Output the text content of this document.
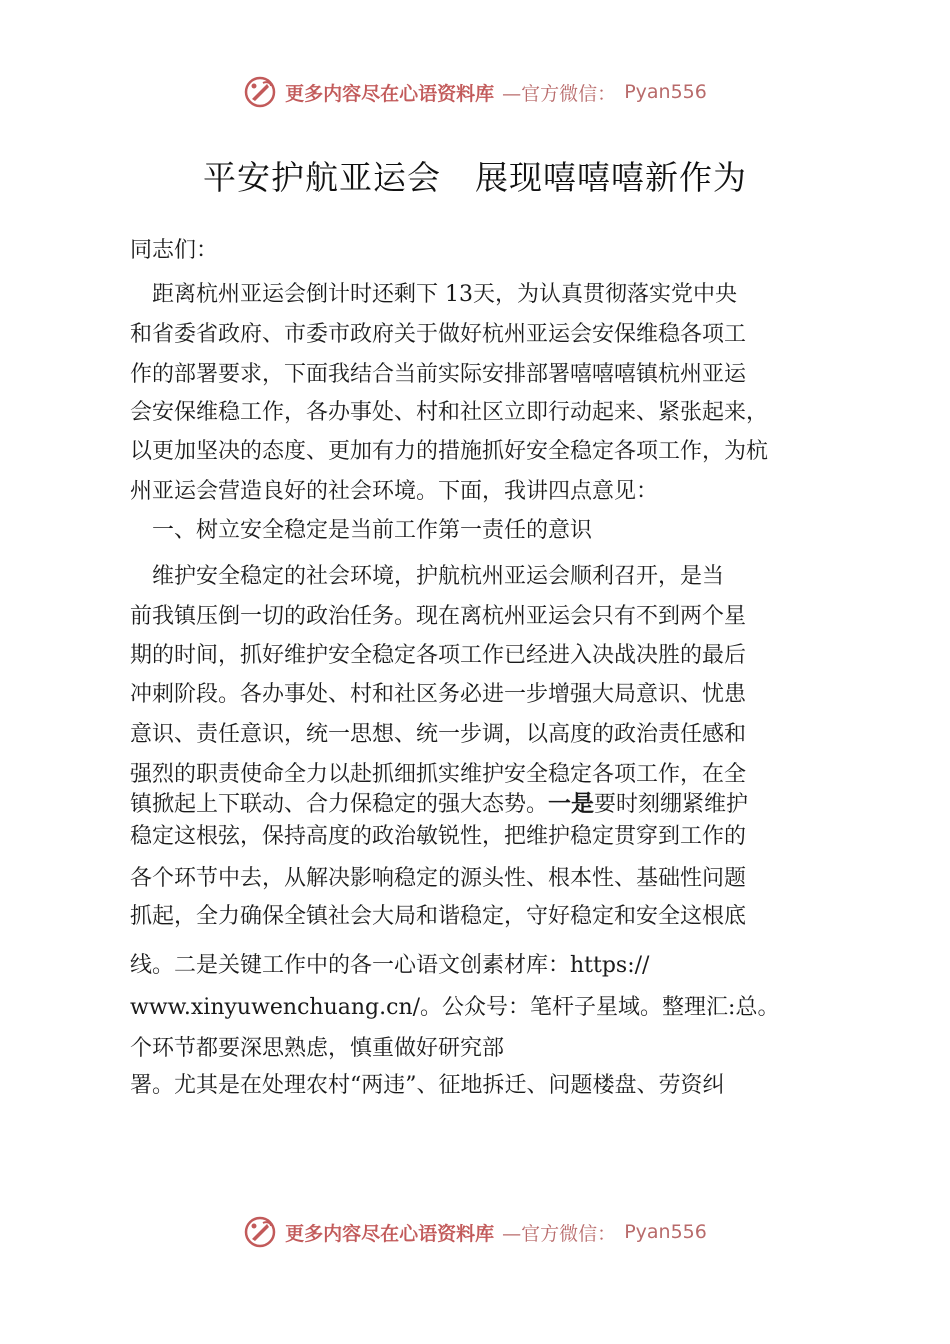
更多内容尽在心语资料库 —官方微信： Pyan556
平安护航亚运会　展现嘻嘻嘻新作为
同志们：
　距离杭州亚运会倒计时还剩下 13天，为认真贯彻落实党中央
和省委省政府、市委市政府关于做好杭州亚运会安保维稳各项工
作的部署要求，下面我结合当前实际安排部署嘻嘻嘻镇杭州亚运
会安保维稳工作，各办事处、村和社区立即行动起来、紧张起来，
以更加坚决的态度、更加有力的措施抓好安全稳定各项工作，为杭
州亚运会营造良好的社会环境。下面，我讲四点意见：
　一、树立安全稳定是当前工作第一责任的意识
　维护安全稳定的社会环境，护航杭州亚运会顺利召开，是当
前我镇压倒一切的政治任务。现在离杭州亚运会只有不到两个星
期的时间，抓好维护安全稳定各项工作已经进入决战决胜的最后
冲刺阶段。各办事处、村和社区务必进一步增强大局意识、忧患
意识、责任意识，统一思想、统一步调，以高度的政治责任感和
强烈的职责使命全力以赴抓细抓实维护安全稳定各项工作，在全
镇掀起上下联动、合力保稳定的强大态势。一是要时刻绷紧维护
稳定这根弦，保持高度的政治敏锐性，把维护稳定贯穿到工作的
各个环节中去，从解决影响稳定的源头性、根本性、基础性问题
抓起，全力确保全镇社会大局和谐稳定，守好稳定和安全这根底
线。二是关键工作中的各一心语文创素材库：https://
www.xinyuwenchuang.cn/。公众号：笔杆子星域。整理汇:总。
个环节都要深思熟虑，慎重做好研究部
署。尤其是在处理农村“两违”、征地拆迁、问题楼盘、劳资纠
更多内容尽在心语资料库 —官方微信： Pyan556
